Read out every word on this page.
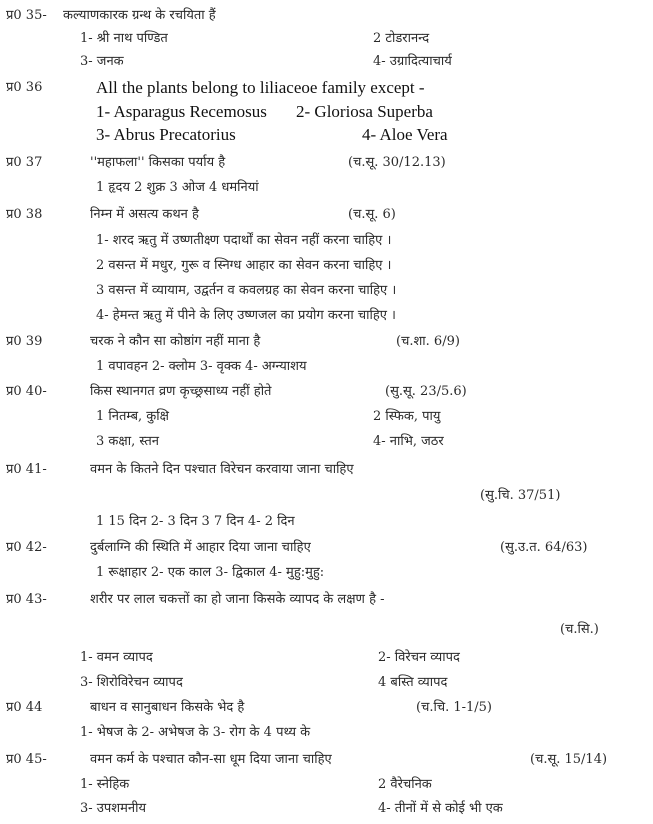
प्र0 35- कल्याणकारक ग्रन्थ के रचयिता हैं
1- श्री नाथ पण्डित	2 टोडरानन्द
3- जनक	4- उग्रादित्याचार्य
प्र0 36	All the plants belong to liliaceoe family except -
1- Asparagus Recemosus 2- Gloriosa Superba
3- Abrus Precatorius	4- Aloe Vera
प्र0 37	''महाफला'' किसका पर्याय है	(च.सू. 30/12.13)
1 हृदय 2 शुक्र 3 ओज 4 धमनियां
प्र0 38	निम्न में असत्य कथन है	(च.सू. 6)
1- शरद ऋतु में उष्णतीक्ष्ण पदार्थों का सेवन नहीं करना चाहिए ।
2 वसन्त में मधुर, गुरू व स्निग्ध आहार का सेवन करना चाहिए ।
3 वसन्त में व्यायाम, उद्वर्तन व कवलग्रह का सेवन करना चाहिए ।
4- हेमन्त ऋतु में पीने के लिए उष्णजल का प्रयोग करना चाहिए ।
प्र0 39	चरक ने कौन सा कोष्ठांग नहीं माना है	(च.शा. 6/9)
1 वपावहन 2- क्लोम 3- वृक्क 4- अग्न्याशय
प्र0 40-	किस स्थानगत व्रण कृच्छ्रसाध्य नहीं होते	(सु.सू. 23/5.6)
1 नितम्ब, कुक्षि	2 स्फिक, पायु
3 कक्षा, स्तन	4- नाभि, जठर
प्र0 41-	वमन के कितने दिन पश्चात विरेचन करवाया जाना चाहिए
(सु.चि. 37/51)
1 15 दिन 2- 3 दिन 3 7 दिन 4- 2 दिन
प्र0 42-	दुर्बलाग्नि की स्थिति में आहार दिया जाना चाहिए	(सु.उ.त. 64/63)
1 रूक्षाहार 2- एक काल 3- द्विकाल 4- मुहु:मुहु:
प्र0 43-	शरीर पर लाल चकत्तों का हो जाना किसके व्यापद के लक्षण है -
(च.सि.)
1- वमन व्यापद	2- विरेचन व्यापद
3- शिरोविरेचन व्यापद	4 बस्ति व्यापद
प्र0 44	बाधन व सानुबाधन किसके भेद है	(च.चि. 1-1/5)
1- भेषज के 2- अभेषज के 3- रोग के 4 पथ्य के
प्र0 45-	वमन कर्म के पश्चात कौन-सा धूम दिया जाना चाहिए	(च.सू. 15/14)
1- स्नेहिक	2 वैरेचनिक
3- उपशमनीय	4- तीनों में से कोई भी एक
